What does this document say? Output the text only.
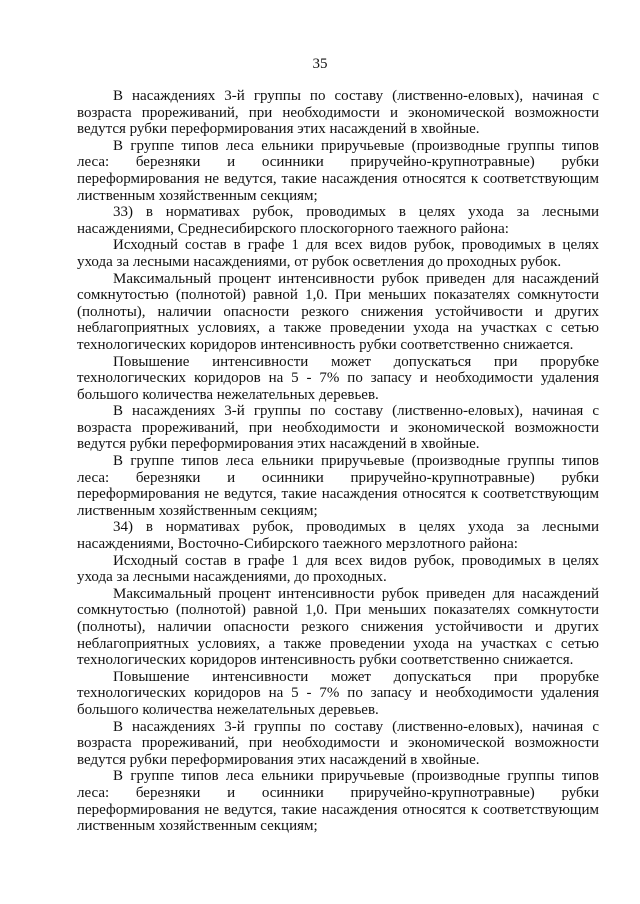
35

В насаждениях 3-й группы по составу (лиственно-еловых), начиная с возраста прореживаний, при необходимости и экономической возможности ведутся рубки переформирования этих насаждений в хвойные.

В группе типов леса ельники приручьевые (производные группы типов леса: березняки и осинники приручейно-крупнотравные) рубки переформирования не ведутся, такие насаждения относятся к соответствующим лиственным хозяйственным секциям;

33) в нормативах рубок, проводимых в целях ухода за лесными насаждениями, Среднесибирского плоскогорного таежного района:

Исходный состав в графе 1 для всех видов рубок, проводимых в целях ухода за лесными насаждениями, от рубок осветления до проходных рубок.

Максимальный процент интенсивности рубок приведен для насаждений сомкнутостью (полнотой) равной 1,0. При меньших показателях сомкнутости (полноты), наличии опасности резкого снижения устойчивости и других неблагоприятных условиях, а также проведении ухода на участках с сетью технологических коридоров интенсивность рубки соответственно снижается.

Повышение интенсивности может допускаться при прорубке технологических коридоров на 5 - 7% по запасу и необходимости удаления большого количества нежелательных деревьев.

В насаждениях 3-й группы по составу (лиственно-еловых), начиная с возраста прореживаний, при необходимости и экономической возможности ведутся рубки переформирования этих насаждений в хвойные.

В группе типов леса ельники приручьевые (производные группы типов леса: березняки и осинники приручейно-крупнотравные) рубки переформирования не ведутся, такие насаждения относятся к соответствующим лиственным хозяйственным секциям;

34) в нормативах рубок, проводимых в целях ухода за лесными насаждениями, Восточно-Сибирского таежного мерзлотного района:

Исходный состав в графе 1 для всех видов рубок, проводимых в целях ухода за лесными насаждениями, до проходных.

Максимальный процент интенсивности рубок приведен для насаждений сомкнутостью (полнотой) равной 1,0. При меньших показателях сомкнутости (полноты), наличии опасности резкого снижения устойчивости и других неблагоприятных условиях, а также проведении ухода на участках с сетью технологических коридоров интенсивность рубки соответственно снижается.

Повышение интенсивности может допускаться при прорубке технологических коридоров на 5 - 7% по запасу и необходимости удаления большого количества нежелательных деревьев.

В насаждениях 3-й группы по составу (лиственно-еловых), начиная с возраста прореживаний, при необходимости и экономической возможности ведутся рубки переформирования этих насаждений в хвойные.

В группе типов леса ельники приручьевые (производные группы типов леса: березняки и осинники приручейно-крупнотравные) рубки переформирования не ведутся, такие насаждения относятся к соответствующим лиственным хозяйственным секциям;
